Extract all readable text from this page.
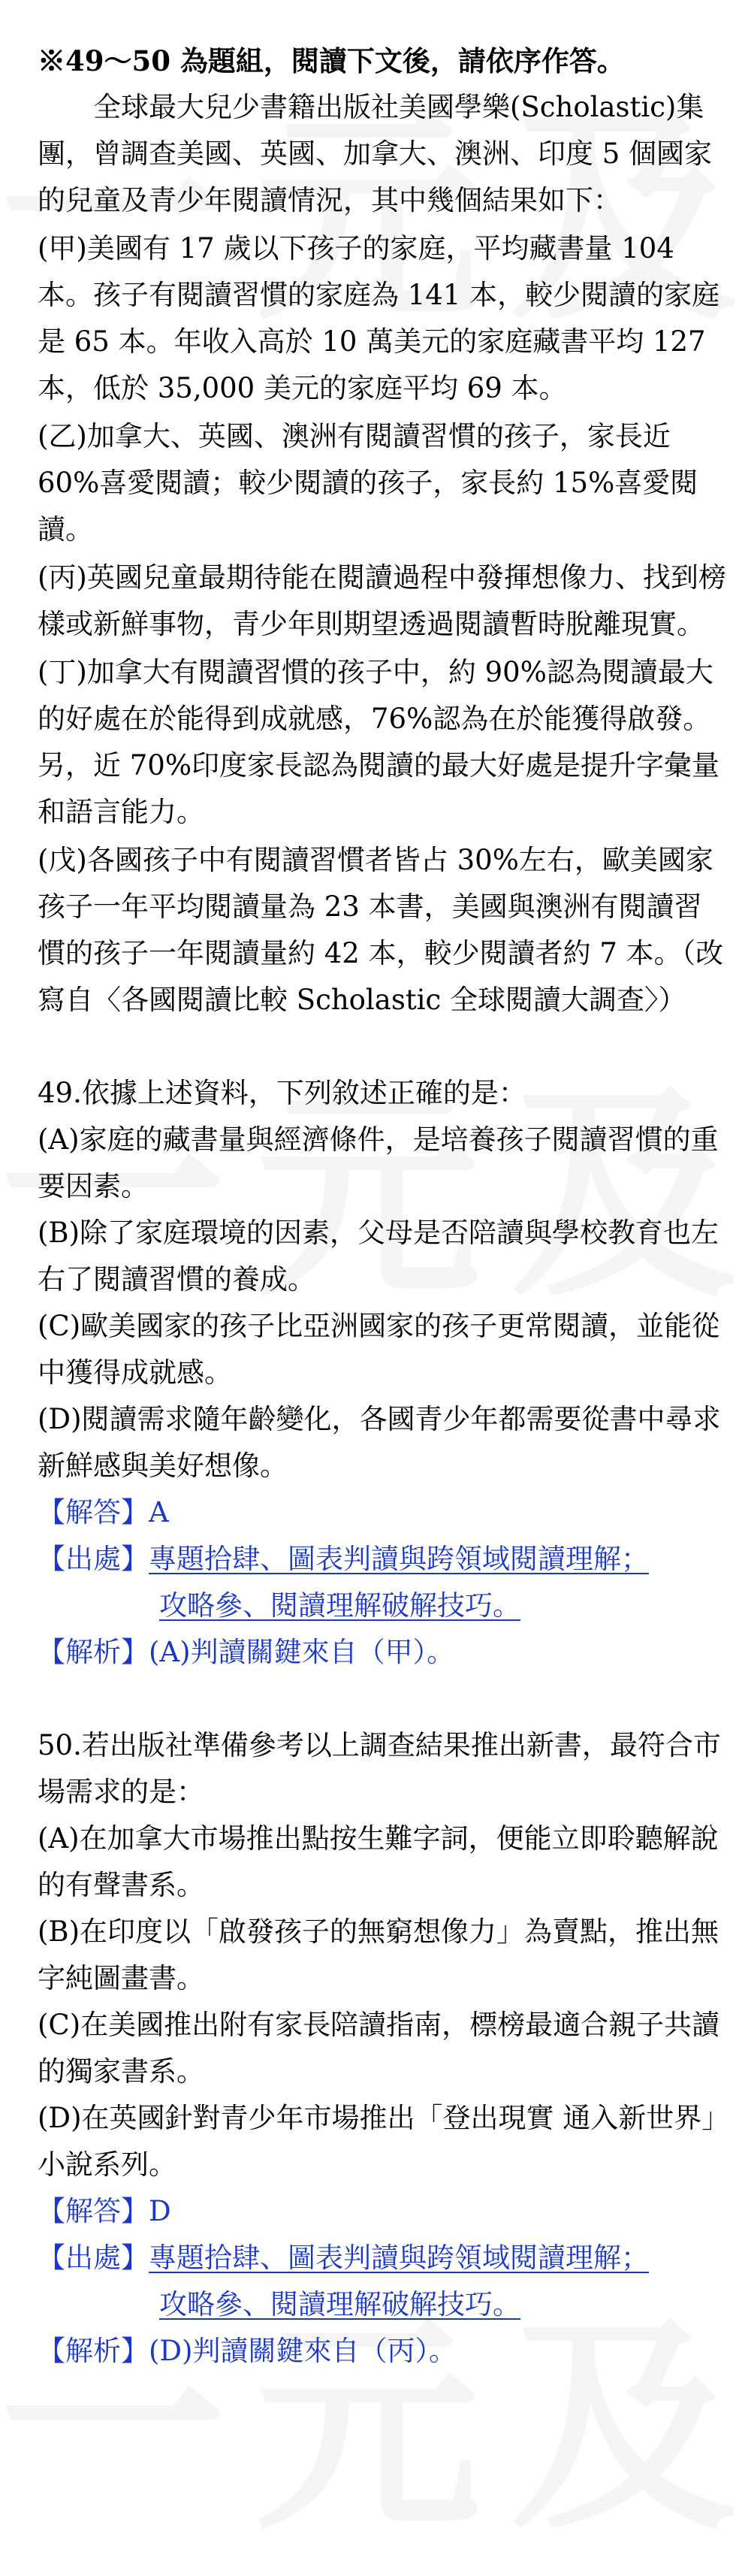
※49～50 為題組，閱讀下文後，請依序作答。

全球最大兒少書籍出版社美國學樂(Scholastic)集團，曾調查美國、英國、加拿大、澳洲、印度 5 個國家的兒童及青少年閱讀情況，其中幾個結果如下：

(甲)美國有 17 歲以下孩子的家庭，平均藏書量 104 本。孩子有閱讀習慣的家庭為 141 本，較少閱讀的家庭是 65 本。年收入高於 10 萬美元的家庭藏書平均 127 本，低於 35,000 美元的家庭平均 69 本。

(乙)加拿大、英國、澳洲有閱讀習慣的孩子，家長近 60%喜愛閱讀；較少閱讀的孩子，家長約 15%喜愛閱讀。

(丙)英國兒童最期待能在閱讀過程中發揮想像力、找到榜樣或新鮮事物，青少年則期望透過閱讀暫時脫離現實。

(丁)加拿大有閱讀習慣的孩子中，約 90%認為閱讀最大的好處在於能得到成就感，76%認為在於能獲得啟發。另，近 70%印度家長認為閱讀的最大好處是提升字彙量和語言能力。

(戊)各國孩子中有閱讀習慣者皆占 30%左右，歐美國家孩子一年平均閱讀量為 23 本書，美國與澳洲有閱讀習慣的孩子一年閱讀量約 42 本，較少閱讀者約 7 本。（改寫自〈各國閱讀比較 Scholastic 全球閱讀大調查〉）

49.依據上述資料，下列敘述正確的是：

(A)家庭的藏書量與經濟條件，是培養孩子閱讀習慣的重要因素。

(B)除了家庭環境的因素，父母是否陪讀與學校教育也左右了閱讀習慣的養成。

(C)歐美國家的孩子比亞洲國家的孩子更常閱讀，並能從中獲得成就感。

(D)閱讀需求隨年齡變化，各國青少年都需要從書中尋求新鮮感與美好想像。

【解答】 A
【出處】 專題拾肆、圖表判讀與跨領域閱讀理解；
攻略參、閱讀理解破解技巧。
【解析】 (A)判讀關鍵來自（甲）。

50.若出版社準備參考以上調查結果推出新書，最符合市場需求的是：

(A)在加拿大市場推出點按生難字詞，便能立即聆聽解說的有聲書系。

(B)在印度以「啟發孩子的無窮想像力」為賣點，推出無字純圖畫書。

(C)在美國推出附有家長陪讀指南，標榜最適合親子共讀的獨家書系。

(D)在英國針對青少年市場推出「登出現實 通入新世界」小說系列。

【解答】 D
【出處】 專題拾肆、圖表判讀與跨領域閱讀理解；
攻略參、閱讀理解破解技巧。
【解析】 (D)判讀關鍵來自（丙）。
